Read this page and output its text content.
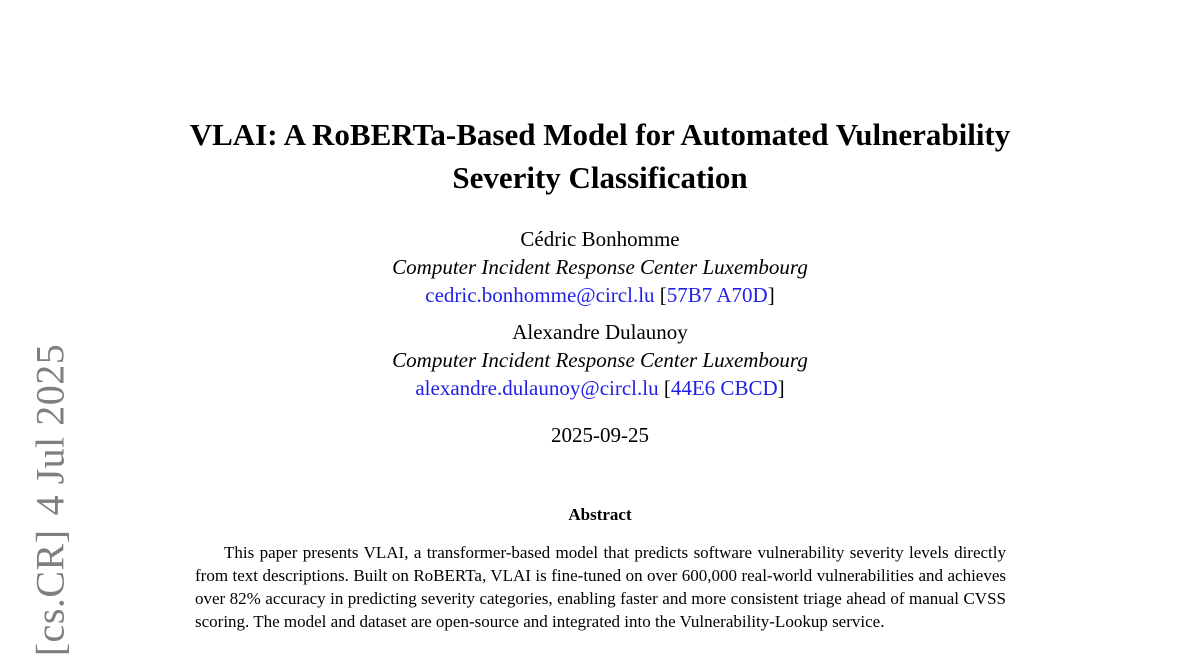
[cs.CR]4 Jul 2025
VLAI: A RoBERTa-Based Model for Automated Vulnerability
Severity Classification
Cédric Bonhomme
Computer Incident Response Center Luxembourg
cedric.bonhomme@circl.lu [57B7 A70D]
Alexandre Dulaunoy
Computer Incident Response Center Luxembourg
alexandre.dulaunoy@circl.lu [44E6 CBCD]
2025-09-25
Abstract

This paper presents VLAI, a transformer-based model that predicts software vulnerability severity levels directly from text descriptions. Built on RoBERTa, VLAI is fine-tuned on over 600,000 real-world vulnerabilities and achieves over 82% accuracy in predicting severity categories, enabling faster and more consistent triage ahead of manual CVSS scoring. The model and dataset are open-source and integrated into the Vulnerability-Lookup service.
